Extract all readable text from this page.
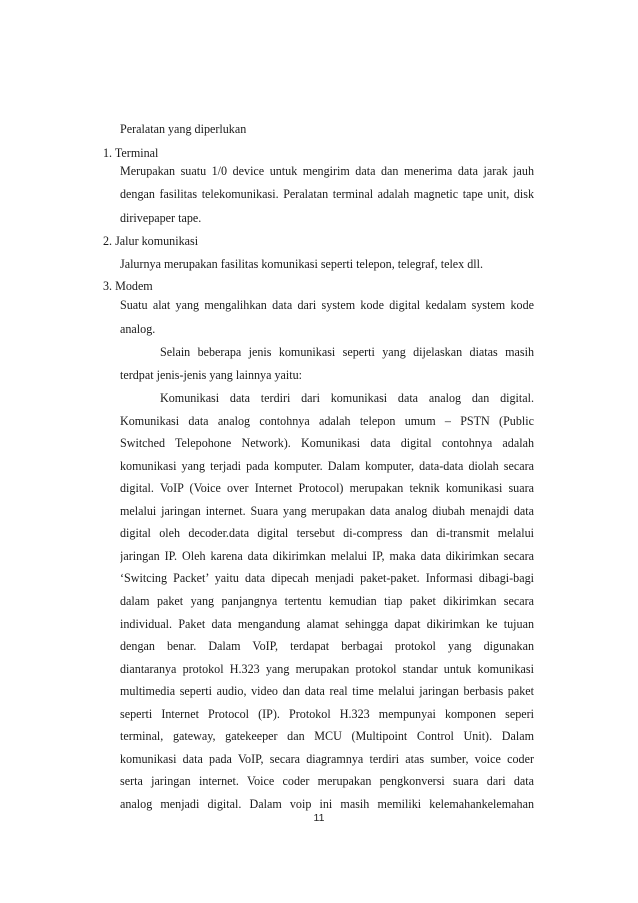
Peralatan yang diperlukan
1. Terminal
Merupakan suatu 1/0 device untuk mengirim data dan menerima data jarak jauh
dengan fasilitas telekomunikasi. Peralatan terminal adalah magnetic tape unit, disk
dirivepaper tape.
2. Jalur komunikasi
Jalurnya merupakan fasilitas komunikasi seperti telepon, telegraf, telex dll.
3. Modem
Suatu alat yang mengalihkan data dari system kode digital kedalam system kode
analog.
Selain beberapa jenis komunikasi seperti yang dijelaskan diatas masih
terdpat jenis-jenis yang lainnya yaitu:
Komunikasi data terdiri dari komunikasi data analog dan digital.
Komunikasi data analog contohnya adalah telepon umum – PSTN (Public
Switched Telepohone Network). Komunikasi data digital contohnya adalah
komunikasi yang terjadi pada komputer. Dalam komputer, data-data diolah secara
digital. VoIP (Voice over Internet Protocol) merupakan teknik komunikasi suara
melalui jaringan internet. Suara yang merupakan data analog diubah menajdi data
digital oleh decoder.data digital tersebut di-compress dan di-transmit melalui
jaringan IP. Oleh karena data dikirimkan melalui IP, maka data dikirimkan secara
‘Switcing Packet’ yaitu data dipecah menjadi paket-paket. Informasi dibagi-bagi
dalam paket yang panjangnya tertentu kemudian tiap paket dikirimkan secara
individual. Paket data mengandung alamat sehingga dapat dikirimkan ke tujuan
dengan benar. Dalam VoIP, terdapat berbagai protokol yang digunakan
diantaranya protokol H.323 yang merupakan protokol standar untuk komunikasi
multimedia seperti audio, video dan data real time melalui jaringan berbasis paket
seperti Internet Protocol (IP). Protokol H.323 mempunyai komponen seperi
terminal, gateway, gatekeeper dan MCU (Multipoint Control Unit). Dalam
komunikasi data pada VoIP, secara diagramnya terdiri atas sumber, voice coder
serta jaringan internet. Voice coder merupakan pengkonversi suara dari data
analog menjadi digital. Dalam voip ini masih memiliki kelemahankelemahan
11
